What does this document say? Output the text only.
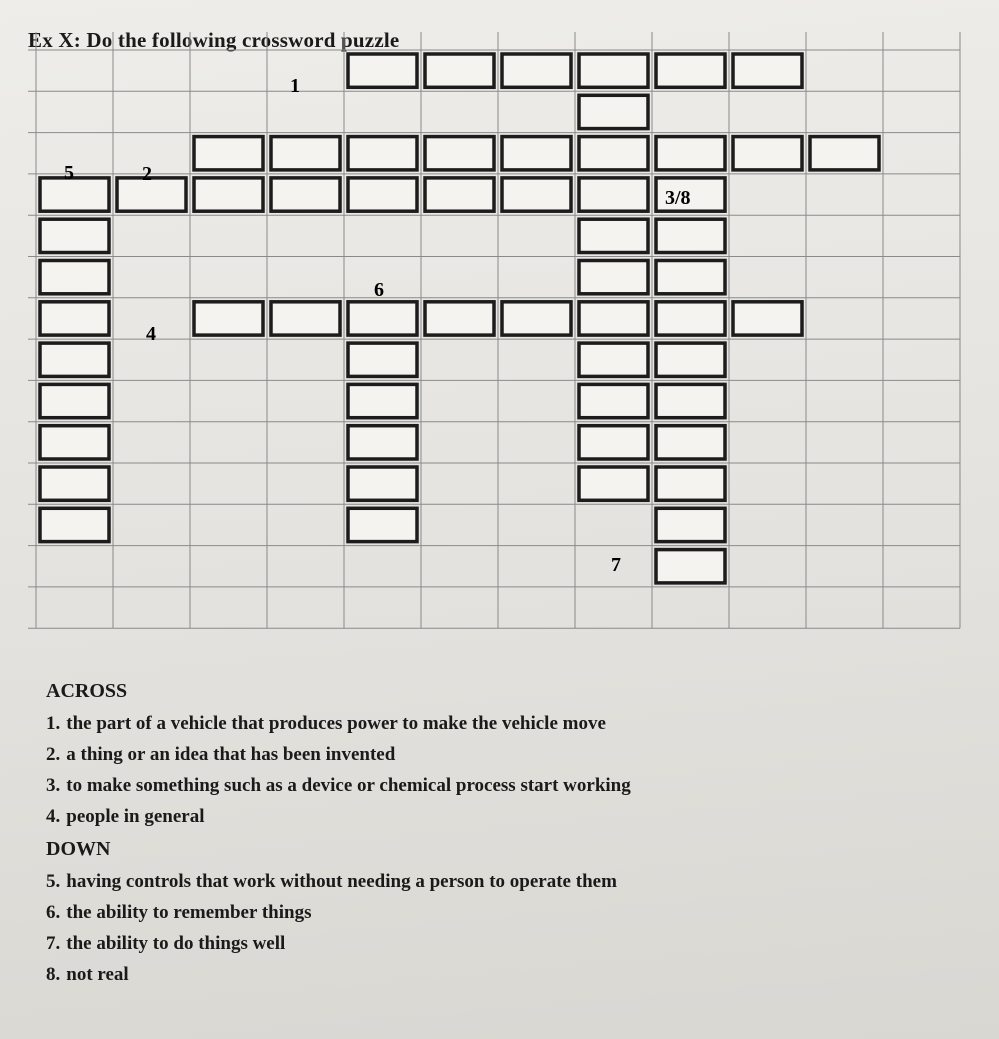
Ex X: Do the following crossword puzzle
1
5	2
3/8
6
4
7
ACROSS
1. the part of a vehicle that produces power to make the vehicle move
2. a thing or an idea that has been invented
3. to make something such as a device or chemical process start working
4. people in general
DOWN
5. having controls that work without needing a person to operate them
6. the ability to remember things
7. the ability to do things well
8. not real
